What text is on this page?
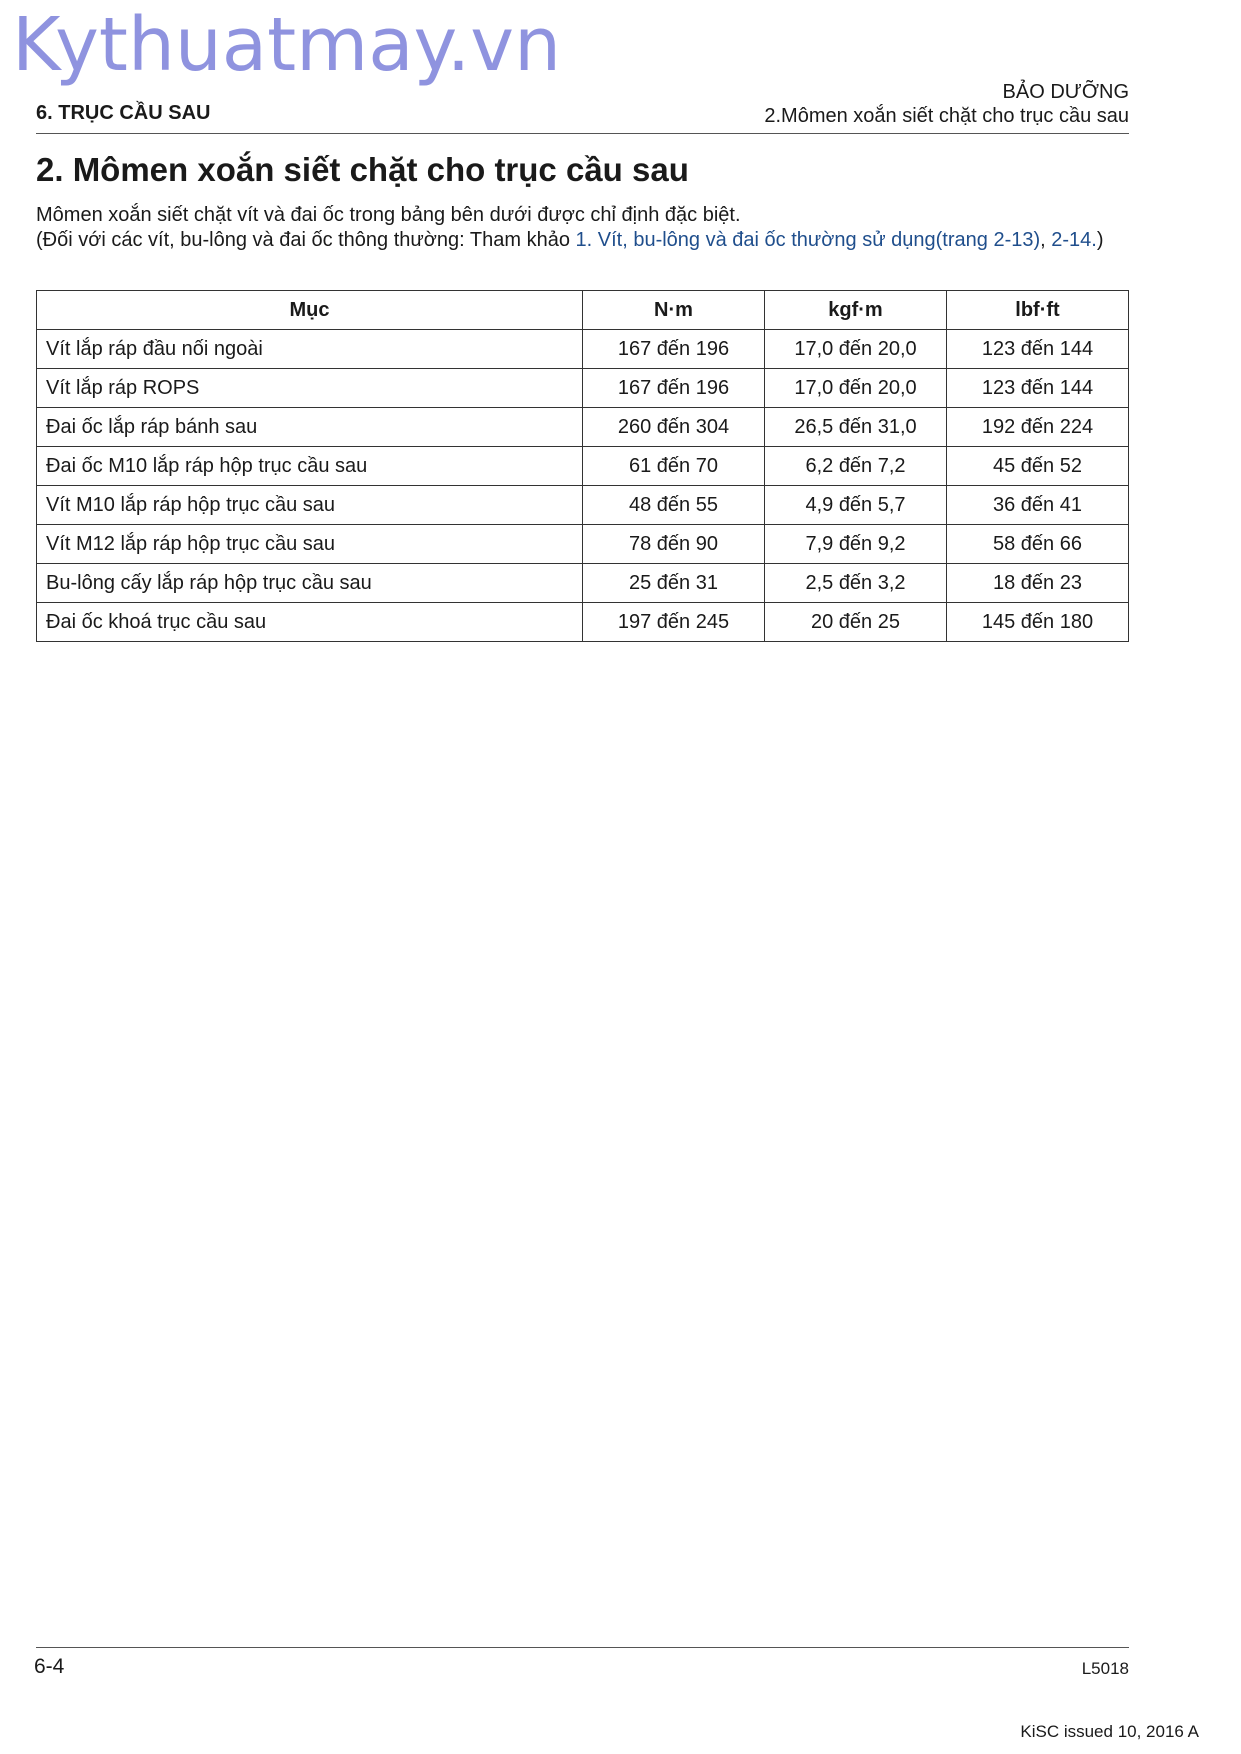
Kythuatmay.vn
BẢO DƯỠNG
2.Mômen xoắn siết chặt cho trục cầu sau
6. TRỤC CẦU SAU
2. Mômen xoắn siết chặt cho trục cầu sau

Mômen xoắn siết chặt vít và đai ốc trong bảng bên dưới được chỉ định đặc biệt.

(Đối với các vít, bu-lông và đai ốc thông thường: Tham khảo 1. Vít, bu-lông và đai ốc thường sử dụng(trang 2-13), 2-14.)

Mục	N·m	kgf·m	lbf·ft
Vít lắp ráp đầu nối ngoài	167 đến 196	17,0 đến 20,0	123 đến 144
Vít lắp ráp ROPS	167 đến 196	17,0 đến 20,0	123 đến 144
Đai ốc lắp ráp bánh sau	260 đến 304	26,5 đến 31,0	192 đến 224
Đai ốc M10 lắp ráp hộp trục cầu sau	61 đến 70	6,2 đến 7,2	45 đến 52
Vít M10 lắp ráp hộp trục cầu sau	48 đến 55	4,9 đến 5,7	36 đến 41
Vít M12 lắp ráp hộp trục cầu sau	78 đến 90	7,9 đến 9,2	58 đến 66
Bu-lông cấy lắp ráp hộp trục cầu sau	25 đến 31	2,5 đến 3,2	18 đến 23
Đai ốc khoá trục cầu sau	197 đến 245	20 đến 25	145 đến 180
6-4	L5018
KiSC issued 10, 2016 A
